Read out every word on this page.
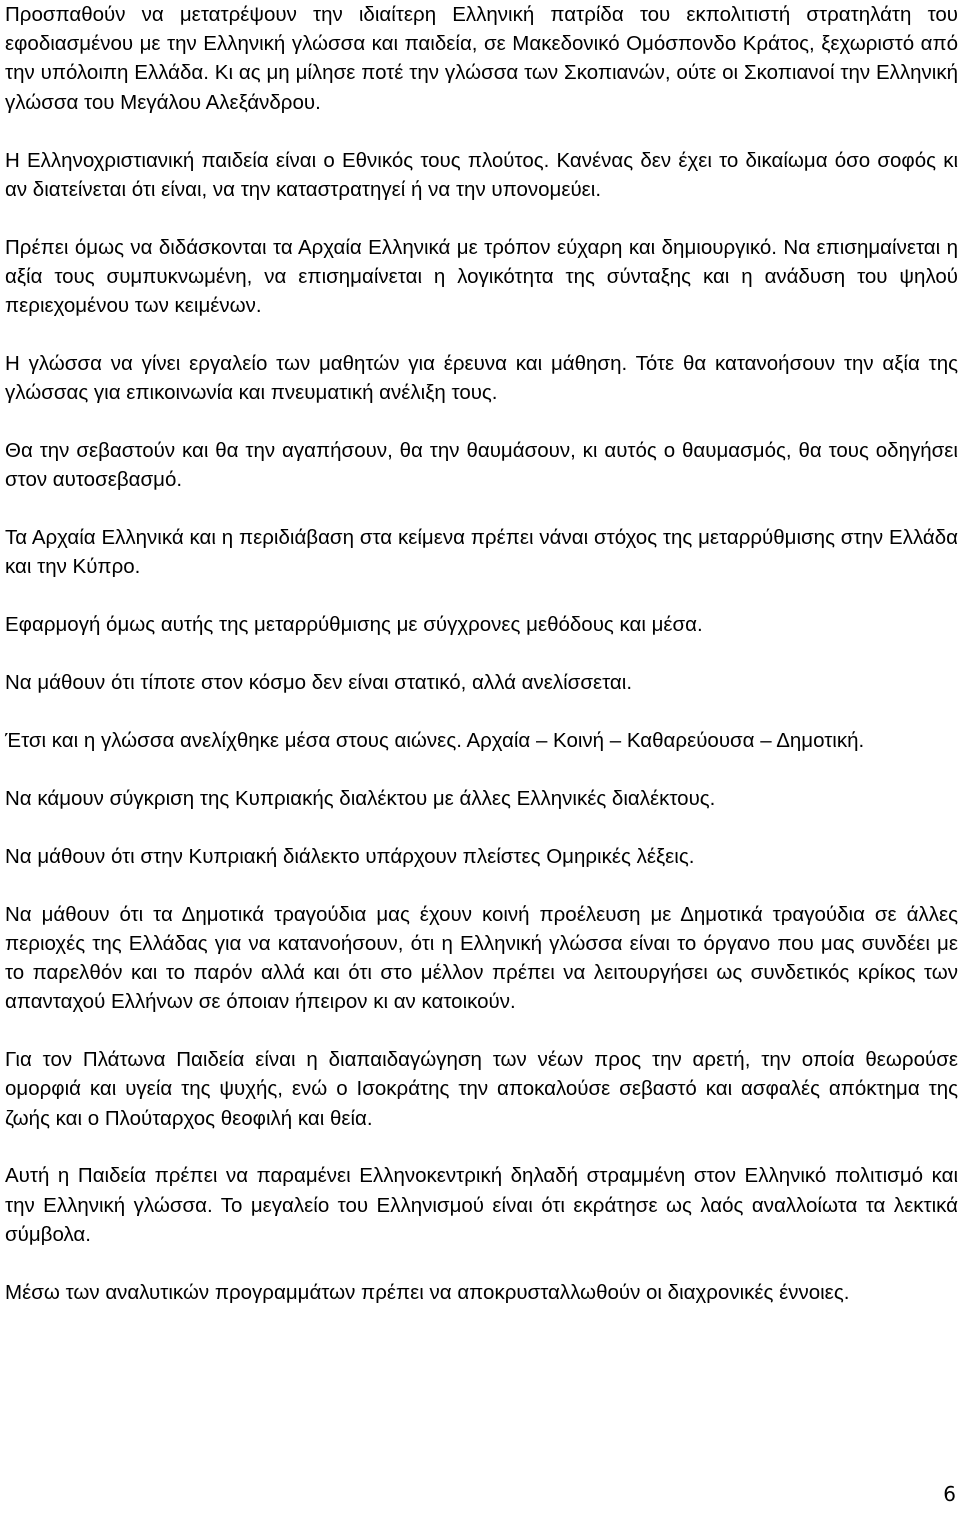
Προσπαθούν να μετατρέψουν την ιδιαίτερη Ελληνική πατρίδα του εκπολιτιστή στρατηλάτη του εφοδιασμένου με την Ελληνική γλώσσα και παιδεία, σε Μακεδονικό Ομόσπονδο Κράτος, ξεχωριστό από την υπόλοιπη Ελλάδα. Κι ας μη μίλησε ποτέ την γλώσσα των Σκοπιανών, ούτε οι Σκοπιανοί την Ελληνική γλώσσα του Μεγάλου Αλεξάνδρου.

Η Ελληνοχριστιανική παιδεία είναι ο Εθνικός τους πλούτος. Κανένας δεν έχει το δικαίωμα όσο σοφός κι αν διατείνεται ότι είναι, να την καταστρατηγεί ή να την υπονομεύει.

Πρέπει όμως να διδάσκονται τα Αρχαία Ελληνικά με τρόπον εύχαρη και δημιουργικό. Να επισημαίνεται η αξία τους συμπυκνωμένη, να επισημαίνεται η λογικότητα της σύνταξης και η ανάδυση του ψηλού περιεχομένου των κειμένων.

Η γλώσσα να γίνει εργαλείο των μαθητών για έρευνα και μάθηση. Τότε θα κατανοήσουν την αξία της γλώσσας για επικοινωνία και πνευματική ανέλιξη τους.

Θα την σεβαστούν και θα την αγαπήσουν, θα την θαυμάσουν, κι αυτός ο θαυμασμός, θα τους οδηγήσει στον αυτοσεβασμό.

Τα Αρχαία Ελληνικά και η περιδιάβαση στα κείμενα πρέπει νάναι στόχος της μεταρρύθμισης στην Ελλάδα και την Κύπρο.

Εφαρμογή όμως αυτής της μεταρρύθμισης με σύγχρονες μεθόδους και μέσα.

Να μάθουν ότι τίποτε στον κόσμο δεν είναι στατικό, αλλά ανελίσσεται.

Έτσι και η γλώσσα ανελίχθηκε μέσα στους αιώνες. Αρχαία – Κοινή – Καθαρεύουσα – Δημοτική.

Να κάμουν σύγκριση της Κυπριακής διαλέκτου με άλλες Ελληνικές διαλέκτους.

Να μάθουν ότι στην Κυπριακή διάλεκτο υπάρχουν πλείστες Ομηρικές λέξεις.

Να μάθουν ότι τα Δημοτικά τραγούδια μας έχουν κοινή προέλευση με Δημοτικά τραγούδια σε άλλες περιοχές της Ελλάδας για να κατανοήσουν, ότι η Ελληνική γλώσσα είναι το όργανο που μας συνδέει με το παρελθόν και το παρόν αλλά και ότι στο μέλλον πρέπει να λειτουργήσει ως συνδετικός κρίκος των απανταχού Ελλήνων σε όποιαν ήπειρον κι αν κατοικούν.

Για τον Πλάτωνα Παιδεία είναι η διαπαιδαγώγηση των νέων προς την αρετή, την οποία θεωρούσε ομορφιά και υγεία της ψυχής, ενώ ο Ισοκράτης την αποκαλούσε σεβαστό και ασφαλές απόκτημα της ζωής και ο Πλούταρχος θεοφιλή και θεία.

Αυτή η Παιδεία πρέπει να παραμένει Ελληνοκεντρική δηλαδή στραμμένη στον Ελληνικό πολιτισμό και την Ελληνική γλώσσα. Το μεγαλείο του Ελληνισμού είναι ότι εκράτησε ως λαός αναλλοίωτα τα λεκτικά σύμβολα.

Μέσω των αναλυτικών προγραμμάτων πρέπει να αποκρυσταλλωθούν οι διαχρονικές έννοιες.

6
